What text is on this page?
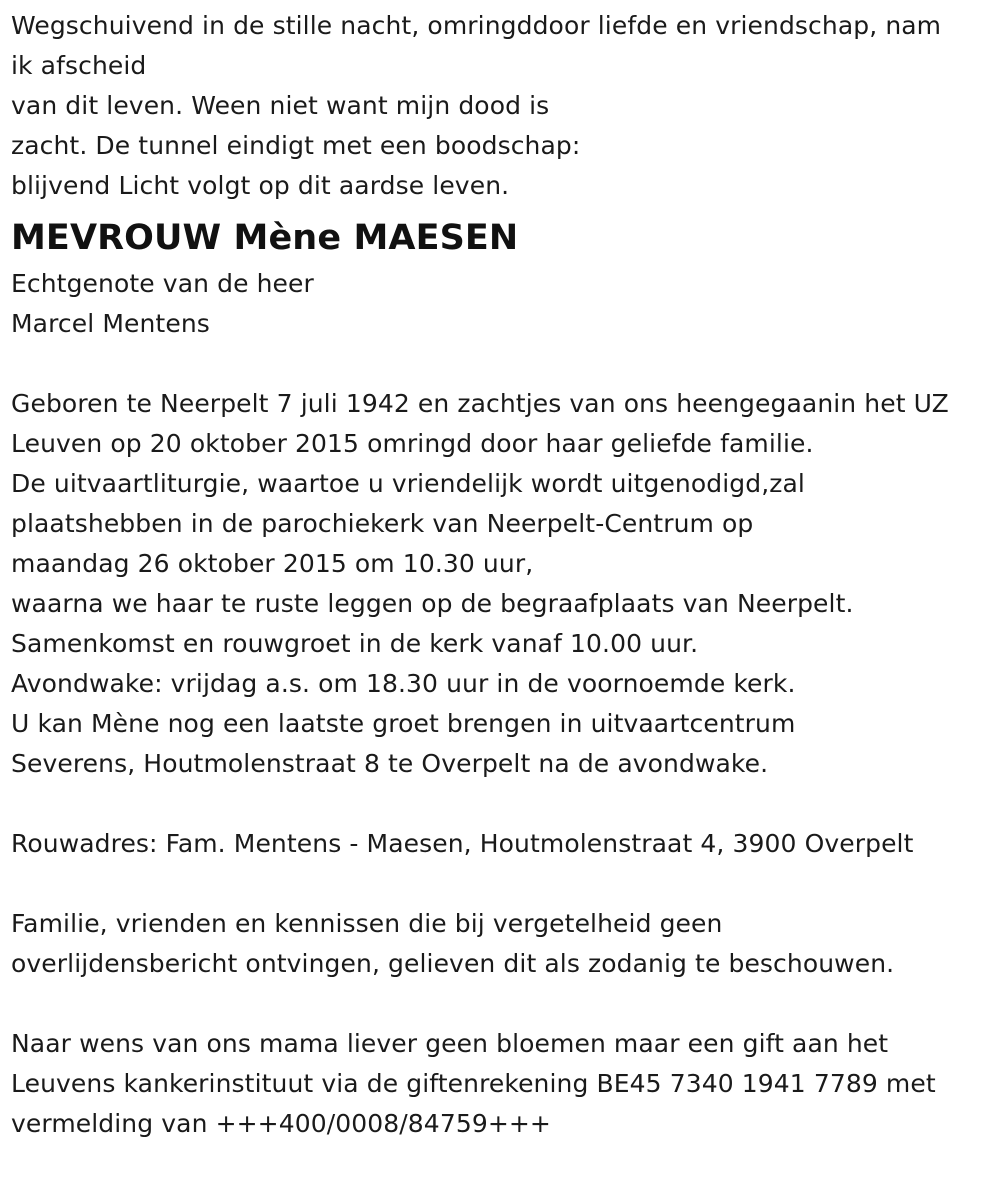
Wegschuivend in de stille nacht, omringddoor liefde en vriendschap, nam
ik afscheid
van dit leven. Ween niet want mijn dood is
zacht. De tunnel eindigt met een boodschap:
blijvend Licht volgt op dit aardse leven.
MEVROUW Mène MAESEN
Echtgenote van de heer
Marcel Mentens
Geboren te Neerpelt 7 juli 1942 en zachtjes van ons heengegaanin het UZ
Leuven op 20 oktober 2015 omringd door haar geliefde familie.
De uitvaartliturgie, waartoe u vriendelijk wordt uitgenodigd,zal
plaatshebben in de parochiekerk van Neerpelt-Centrum op
maandag 26 oktober 2015 om 10.30 uur,
waarna we haar te ruste leggen op de begraafplaats van Neerpelt.
Samenkomst en rouwgroet in de kerk vanaf 10.00 uur.
Avondwake: vrijdag a.s. om 18.30 uur in de voornoemde kerk.
U kan Mène nog een laatste groet brengen in uitvaartcentrum
Severens, Houtmolenstraat 8 te Overpelt na de avondwake.
Rouwadres: Fam. Mentens - Maesen, Houtmolenstraat 4, 3900 Overpelt
Familie, vrienden en kennissen die bij vergetelheid geen
overlijdensbericht ontvingen, gelieven dit als zodanig te beschouwen.
Naar wens van ons mama liever geen bloemen maar een gift aan het
Leuvens kankerinstituut via de giftenrekening BE45 7340 1941 7789 met
vermelding van +++400/0008/84759+++
